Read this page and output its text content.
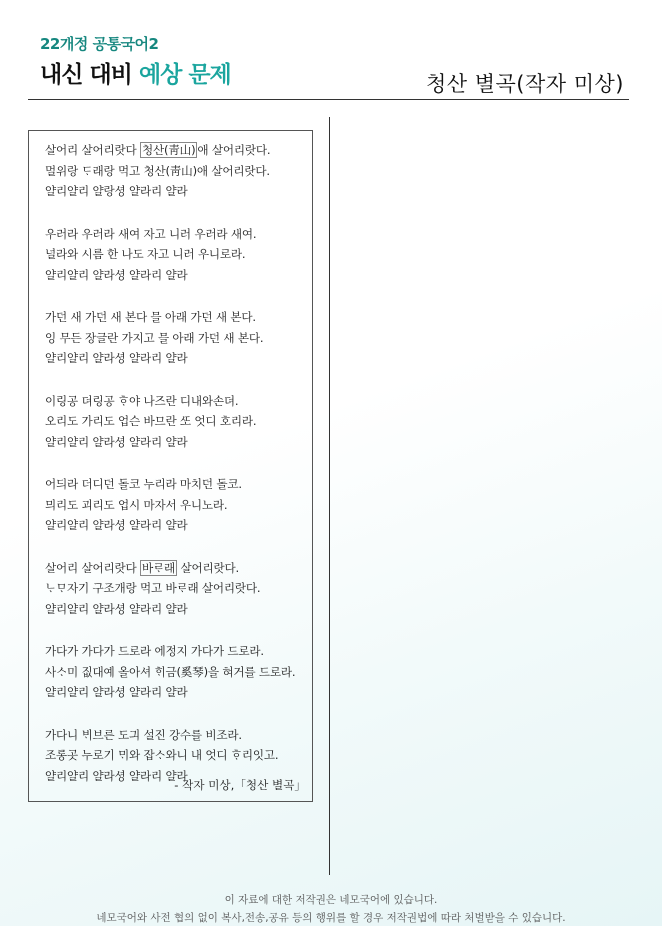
22개정 공통국어2
내신 대비 예상 문제	청산 별곡(작자 미상)
살어리 살어리랏다 청산(靑山) 애 살어리랏다.
멀위랑 ᄃᆞ래랑 먹고 청산(靑山)애 살어리랏다.
얄리얄리 얄랑셩 얄라리 얄라
우러라 우러라 새여 자고 니러 우러라 새여.
널라와 시름 한 나도 자고 니러 우니로라.
얄리얄리 얄라셩 얄라리 얄라
가던 새 가던 새 본다 믈 아래 가던 새 본다.
잉 무든 장글란 가지고 믈 아래 가던 새 본다.
얄리얄리 얄라셩 얄라리 얄라
이링공 뎌링공 ᄒᆞ야 나즈란 디내와손뎌.
오리도 가리도 업슨 바므란 ᄯᅩ 엇디 호리라.
얄리얄리 얄라셩 얄라리 얄라
어듸라 더디던 돌코 누리라 마치던 돌코.
믜리도 괴리도 업시 마자서 우니노라.
얄리얄리 얄라셩 얄라리 얄라
살어리 살어리랏다 바ᄅᆞ래 살어리랏다.
ᄂᆞᄆᆞ자기 구조개랑 먹고 바ᄅᆞ래 살어리랏다.
얄리얄리 얄라셩 얄라리 얄라
가다가 가다가 드로라 에정지 가다가 드로라.
사ᄉᆞ미 짒대예 올아셔 ᄒᆡ금(奚琴)을 혀거를 드로라.
얄리얄리 얄라셩 얄라리 얄라
가다니 ᄇᆡ브른 도긔 설진 강수를 비조라.
조롱곳 누로기 ᄆᆡ와 잡ᄉᆞ와니 내 엇디 ᄒᆞ리잇고.
얄리얄리 얄라셩 얄라리 얄라
- 작자 미상,「청산 별곡」
이 자료에 대한 저작권은 네모국어에 있습니다.
네모국어와 사전 협의 없이 복사,전송,공유 등의 행위를 할 경우 저작권법에 따라 처벌받을 수 있습니다.
